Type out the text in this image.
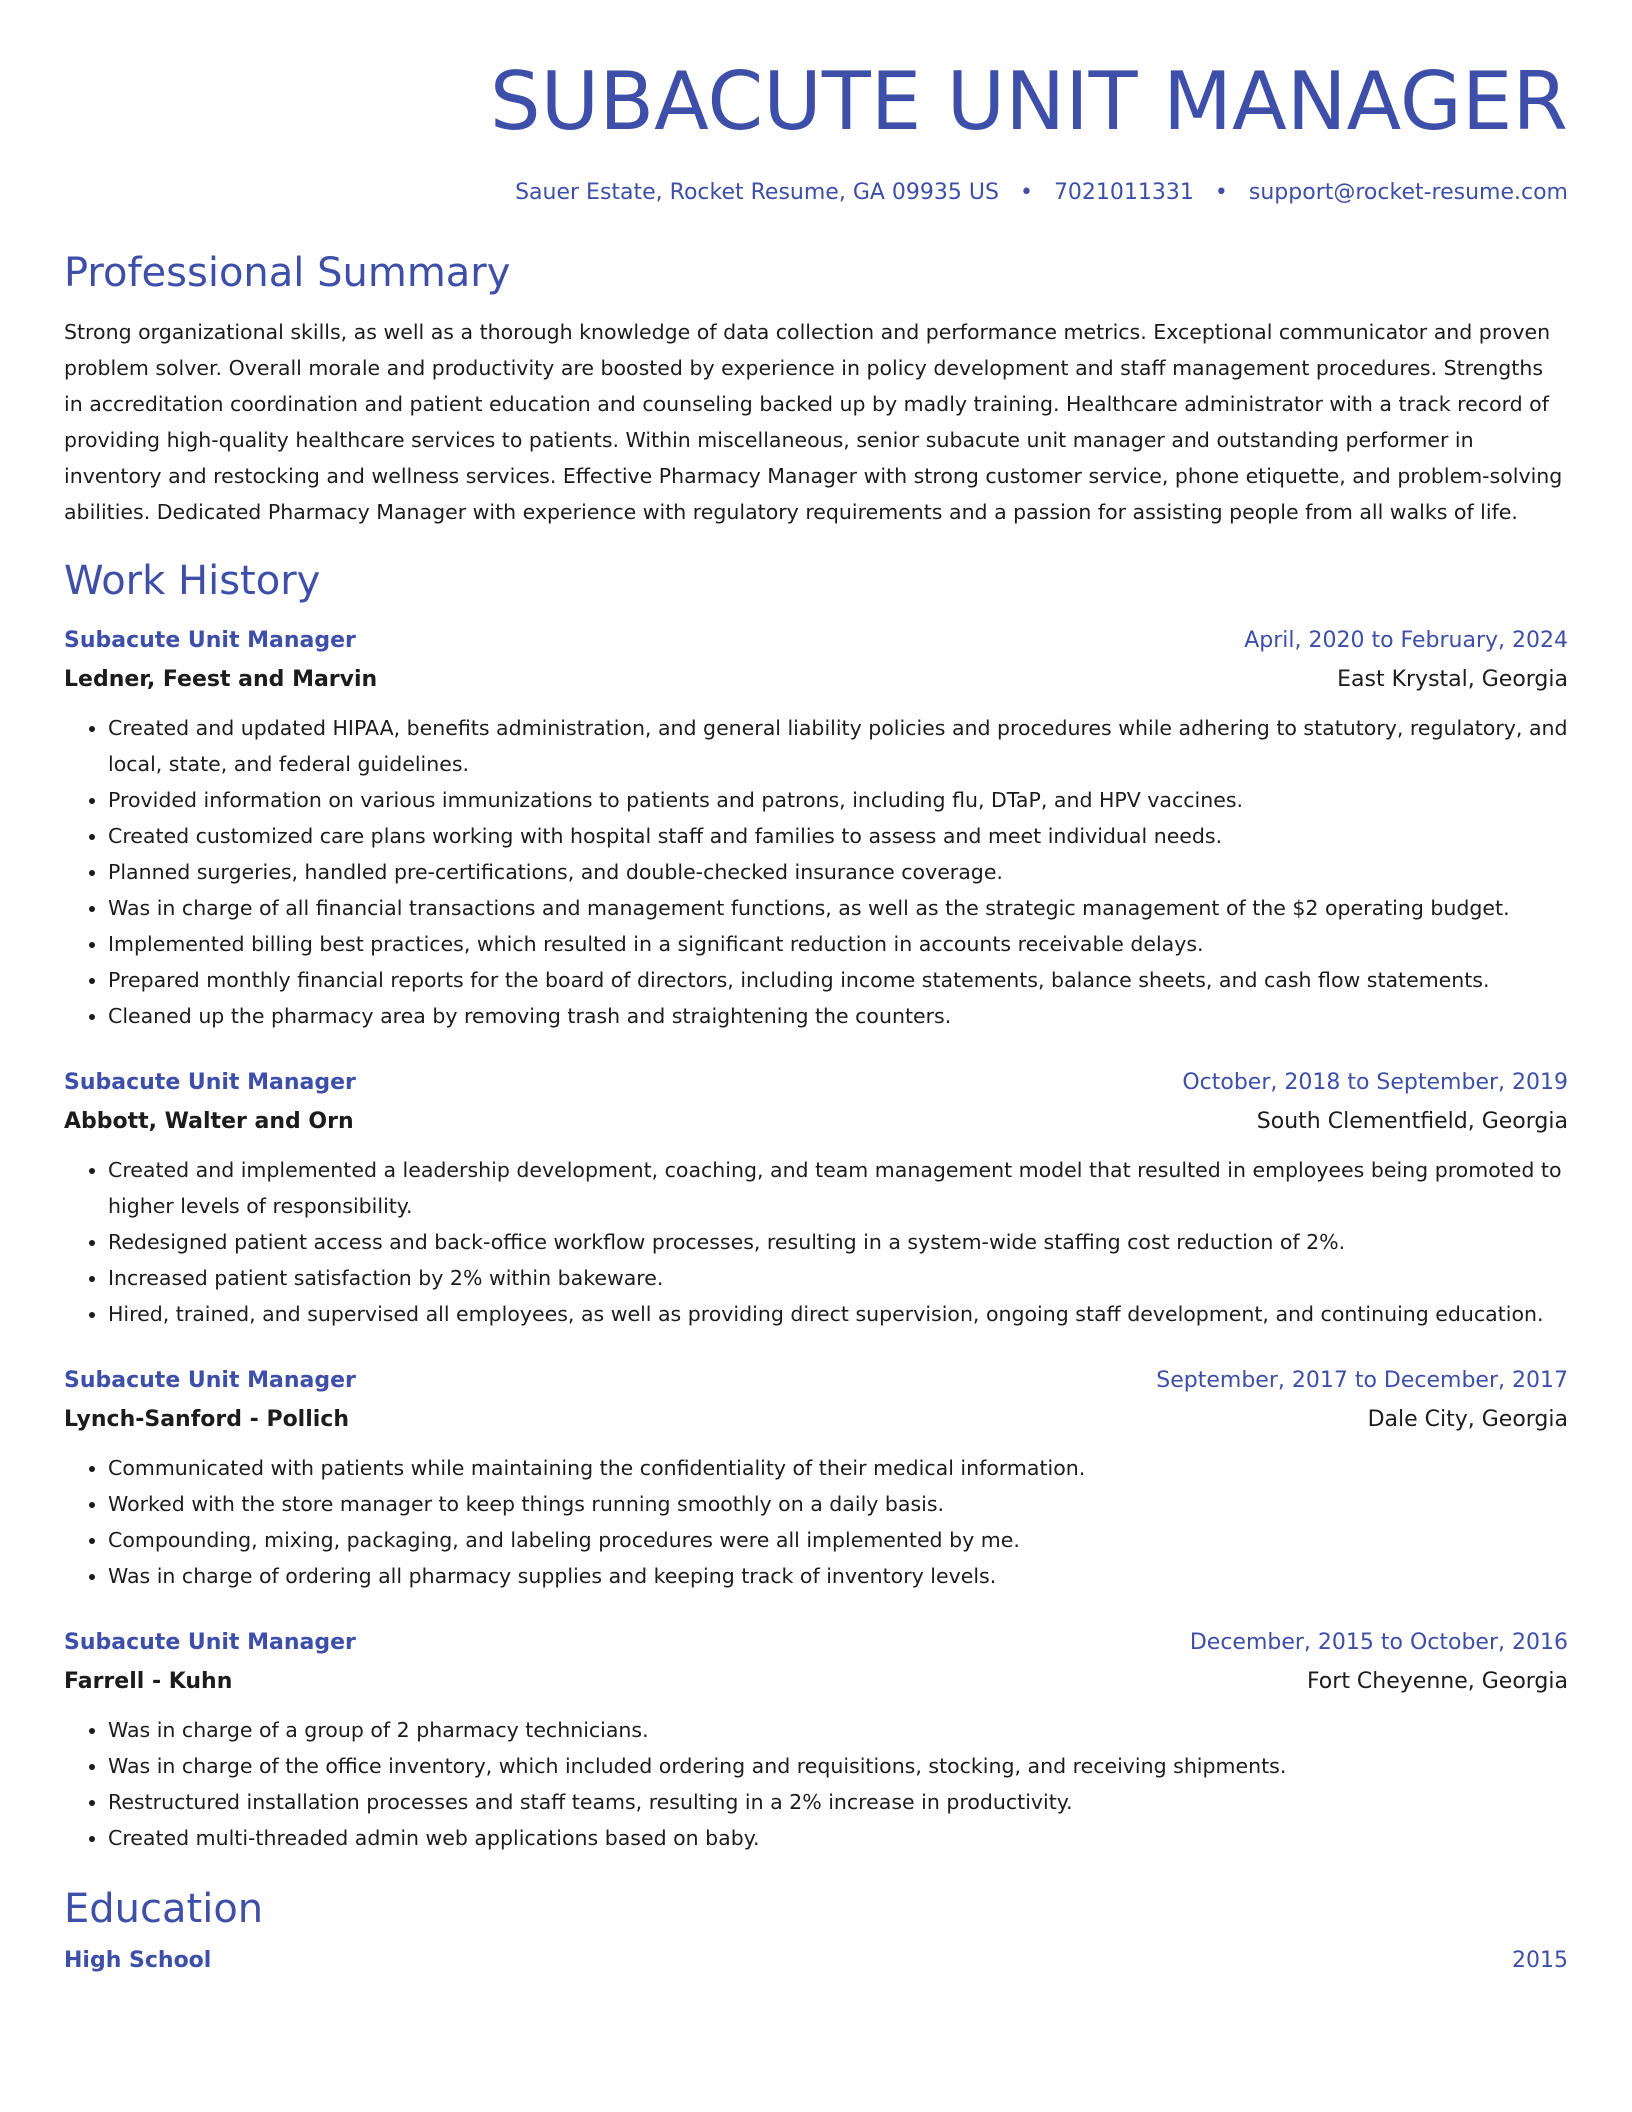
SUBACUTE UNIT MANAGER
Sauer Estate, Rocket Resume, GA 09935 US • 7021011331 • support@rocket-resume.com
Professional Summary
Strong organizational skills, as well as a thorough knowledge of data collection and performance metrics. Exceptional communicator and proven problem solver. Overall morale and productivity are boosted by experience in policy development and staff management procedures. Strengths in accreditation coordination and patient education and counseling backed up by madly training. Healthcare administrator with a track record of providing high-quality healthcare services to patients. Within miscellaneous, senior subacute unit manager and outstanding performer in inventory and restocking and wellness services. Effective Pharmacy Manager with strong customer service, phone etiquette, and problem-solving abilities. Dedicated Pharmacy Manager with experience with regulatory requirements and a passion for assisting people from all walks of life.
Work History
Subacute Unit Manager	April, 2020 to February, 2024
Ledner, Feest and Marvin	East Krystal, Georgia
• Created and updated HIPAA, benefits administration, and general liability policies and procedures while adhering to statutory, regulatory, and local, state, and federal guidelines.
• Provided information on various immunizations to patients and patrons, including flu, DTaP, and HPV vaccines.
• Created customized care plans working with hospital staff and families to assess and meet individual needs.
• Planned surgeries, handled pre-certifications, and double-checked insurance coverage.
• Was in charge of all financial transactions and management functions, as well as the strategic management of the $2 operating budget.
• Implemented billing best practices, which resulted in a significant reduction in accounts receivable delays.
• Prepared monthly financial reports for the board of directors, including income statements, balance sheets, and cash flow statements.
• Cleaned up the pharmacy area by removing trash and straightening the counters.
Subacute Unit Manager	October, 2018 to September, 2019
Abbott, Walter and Orn	South Clementfield, Georgia
• Created and implemented a leadership development, coaching, and team management model that resulted in employees being promoted to higher levels of responsibility.
• Redesigned patient access and back-office workflow processes, resulting in a system-wide staffing cost reduction of 2%.
• Increased patient satisfaction by 2% within bakeware.
• Hired, trained, and supervised all employees, as well as providing direct supervision, ongoing staff development, and continuing education.
Subacute Unit Manager	September, 2017 to December, 2017
Lynch-Sanford - Pollich	Dale City, Georgia
• Communicated with patients while maintaining the confidentiality of their medical information.
• Worked with the store manager to keep things running smoothly on a daily basis.
• Compounding, mixing, packaging, and labeling procedures were all implemented by me.
• Was in charge of ordering all pharmacy supplies and keeping track of inventory levels.
Subacute Unit Manager	December, 2015 to October, 2016
Farrell - Kuhn	Fort Cheyenne, Georgia
• Was in charge of a group of 2 pharmacy technicians.
• Was in charge of the office inventory, which included ordering and requisitions, stocking, and receiving shipments.
• Restructured installation processes and staff teams, resulting in a 2% increase in productivity.
• Created multi-threaded admin web applications based on baby.
Education
High School	2015
